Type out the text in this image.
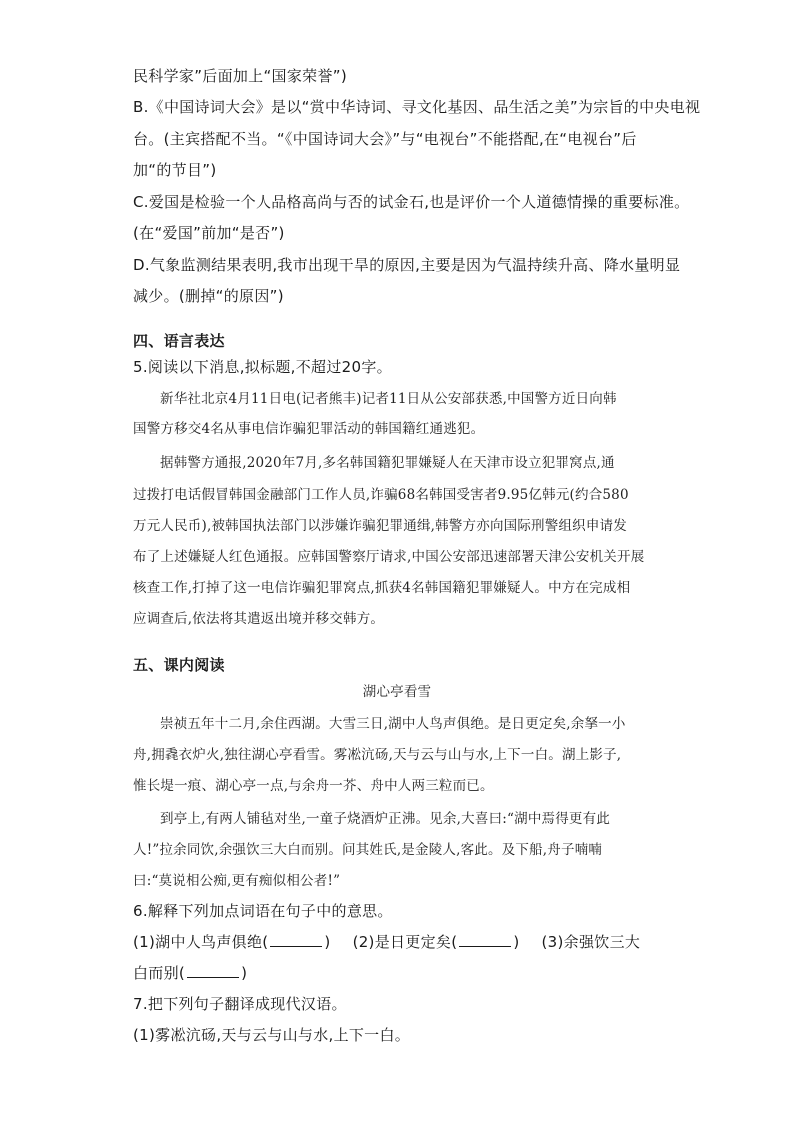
民科学家”后面加上“国家荣誉”)
B.《中国诗词大会》是以“赏中华诗词、寻文化基因、品生活之美”为宗旨的中央电视
台。(主宾搭配不当。“《中国诗词大会》”与“电视台”不能搭配,在“电视台”后
加“的节目”)
C.爱国是检验一个人品格高尚与否的试金石,也是评价一个人道德情操的重要标准。
(在“爱国”前加“是否”)
D.气象监测结果表明,我市出现干旱的原因,主要是因为气温持续升高、降水量明显
减少。(删掉“的原因”)
四、语言表达
5.阅读以下消息,拟标题,不超过20字。
新华社北京4月11日电(记者熊丰)记者11日从公安部获悉,中国警方近日向韩
国警方移交4名从事电信诈骗犯罪活动的韩国籍红通逃犯。
据韩警方通报,2020年7月,多名韩国籍犯罪嫌疑人在天津市设立犯罪窝点,通
过拨打电话假冒韩国金融部门工作人员,诈骗68名韩国受害者9.95亿韩元(约合580
万元人民币),被韩国执法部门以涉嫌诈骗犯罪通缉,韩警方亦向国际刑警组织申请发
布了上述嫌疑人红色通报。应韩国警察厅请求,中国公安部迅速部署天津公安机关开展
核查工作,打掉了这一电信诈骗犯罪窝点,抓获4名韩国籍犯罪嫌疑人。中方在完成相
应调查后,依法将其遣返出境并移交韩方。
五、课内阅读
湖心亭看雪
崇祯五年十二月,余住西湖。大雪三日,湖中人鸟声俱绝。是日更定矣,余拏一小
舟,拥毳衣炉火,独往湖心亭看雪。雾凇沆砀,天与云与山与水,上下一白。湖上影子,
惟长堤一痕、湖心亭一点,与余舟一芥、舟中人两三粒而已。
到亭上,有两人铺毡对坐,一童子烧酒炉正沸。见余,大喜曰:“湖中焉得更有此
人!”拉余同饮,余强饮三大白而别。问其姓氏,是金陵人,客此。及下船,舟子喃喃
曰:“莫说相公痴,更有痴似相公者!”
6.解释下列加点词语在句子中的意思。
(1)湖中人鸟声俱绝(	) (2)是日更定矣(	) (3)余强饮三大
白而别(	)
7.把下列句子翻译成现代汉语。
(1)雾凇沆砀,天与云与山与水,上下一白。
